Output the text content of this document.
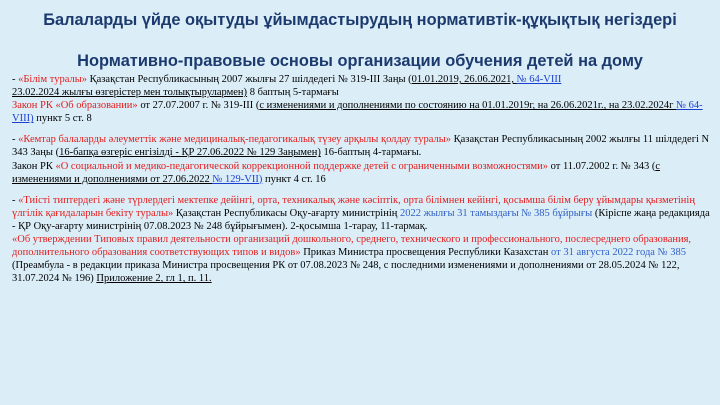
Балаларды үйде оқытуды ұйымдастырудың нормативтік-құқықтық негіздері
Нормативно-правовые основы организации обучения детей на дому

- «Білім туралы» Қазақстан Республикасының 2007 жылғы 27 шілдедегі № 319-III Заңы (01.01.2019, 26.06.2021, № 64-VIII
23.02.2024 жылғы өзгерістер мен толықтырулармен) 8 баптың 5-тармағы
Закон РК «Об образовании» от 27.07.2007 г. № 319-III (с изменениями и дополнениями по состоянию на 01.01.2019г, на 26.06.2021г., на 23.02.2024г № 64-VIII) пункт 5 ст. 8

- «Кемтар балаларды әлеуметтік және медициналық-педагогикалық түзеу арқылы қолдау туралы» Қазақстан Республикасының 2002 жылғы 11 шілдедегі N 343 Заңы (16-бапқа өзгеріс енгізілді - ҚР 27.06.2022 № 129 Заңымен) 16-баптың 4-тармағы.
Закон РК «О социальной и медико-педагогической коррекционной поддержке детей с ограниченными возможностями» от 11.07.2002 г. № 343 (с изменениями и дополнениями от 27.06.2022 № 129-VII) пункт 4 ст. 16

- «Тиісті типтердегі және түрлердегі мектепке дейінгі, орта, техникалық және кәсіптік, орта білімнен кейінгі, қосымша білім беру ұйымдары қызметінің үлгілік қағидаларын бекіту туралы» Қазақстан Республикасы Оқу-ағарту министрінің 2022 жылғы 31 тамыздағы № 385 бұйрығы (Кіріспе жаңа редакцияда - ҚР Оқу-ағарту министрінің 07.08.2023 № 248 бұйрығымен). 2-қосымша 1-тарау, 11-тармақ.
«Об утверждении Типовых правил деятельности организаций дошкольного, среднего, технического и профессионального, послесреднего образования, дополнительного образования соответствующих типов и видов» Приказ Министра просвещения Республики Казахстан от 31 августа 2022 года № 385 (Преамбула - в редакции приказа Министра просвещения РК от 07.08.2023 № 248, с последними изменениями и дополнениями от 28.05.2024 № 122, 31.07.2024 № 196) Приложение 2, гл 1, п. 11.
